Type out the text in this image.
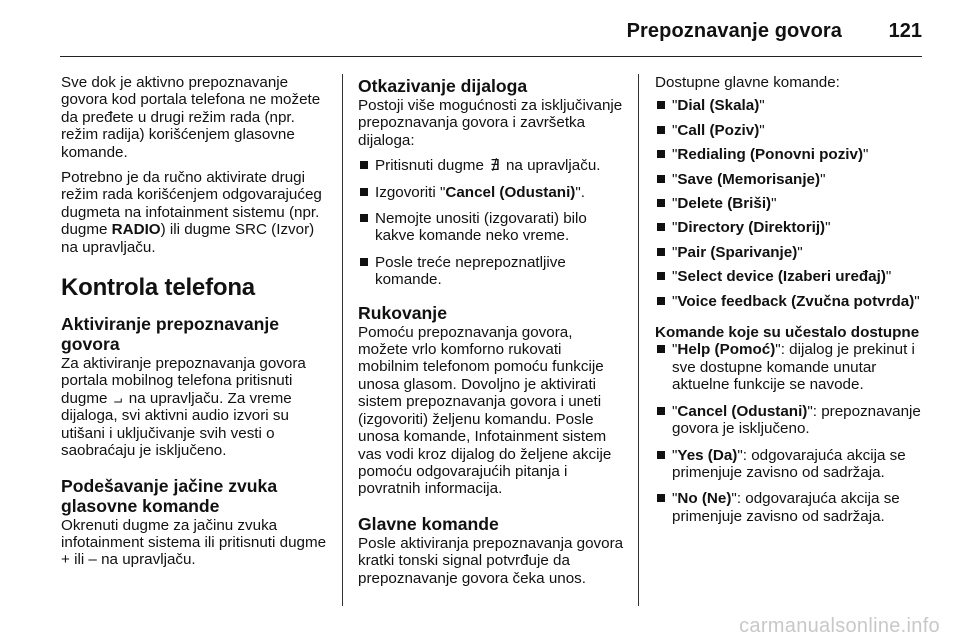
Prepoznavanje govora 121

Sve dok je aktivno prepoznavanje govora kod portala telefona ne možete da pređete u drugi režim rada (npr. režim radija) korišćenjem glasovne komande.

Potrebno je da ručno aktivirate drugi režim rada korišćenjem odgovarajućeg dugmeta na infotainment sistemu (npr. dugme RADIO) ili dugme SRC (Izvor) na upravljaču.

Kontrola telefona
Aktiviranje prepoznavanje govora

Za aktiviranje prepoznavanja govora portala mobilnog telefona pritisnuti dugme ⨼ na upravljaču. Za vreme dijaloga, svi aktivni audio izvori su utišani i uključivanje svih vesti o saobraćaju je isključeno.

Podešavanje jačine zvuka glasovne komande

Okrenuti dugme za jačinu zvuka infotainment sistema ili pritisnuti dugme + ili – na upravljaču.

Otkazivanje dijaloga

Postoji više mogućnosti za isključivanje prepoznavanja govora i završetka dijaloga:

Pritisnuti dugme ∄ na upravljaču.
Izgovoriti "Cancel (Odustani)".
Nemojte unositi (izgovarati) bilo kakve komande neko vreme.
Posle treće neprepoznatljive komande.
Rukovanje

Pomoću prepoznavanja govora, možete vrlo komforno rukovati mobilnim telefonom pomoću funkcije unosa glasom. Dovoljno je aktivirati sistem prepoznavanja govora i uneti (izgovoriti) željenu komandu. Posle unosa komande, Infotainment sistem vas vodi kroz dijalog do željene akcije pomoću odgovarajućih pitanja i povratnih informacija.

Glavne komande

Posle aktiviranja prepoznavanja govora kratki tonski signal potvrđuje da prepoznavanje govora čeka unos.

Dostupne glavne komande:

"Dial (Skala)"
"Call (Poziv)"
"Redialing (Ponovni poziv)"
"Save (Memorisanje)"
"Delete (Briši)"
"Directory (Direktorij)"
"Pair (Sparivanje)"
"Select device (Izaberi uređaj)"
"Voice feedback (Zvučna potvrda)"
Komande koje su učestalo dostupne
"Help (Pomoć)": dijalog je prekinut i sve dostupne komande unutar aktuelne funkcije se navode.
"Cancel (Odustani)": prepoznavanje govora je isključeno.
"Yes (Da)": odgovarajuća akcija se primenjuje zavisno od sadržaja.
"No (Ne)": odgovarajuća akcija se primenjuje zavisno od sadržaja.
carmanualsonline.info
